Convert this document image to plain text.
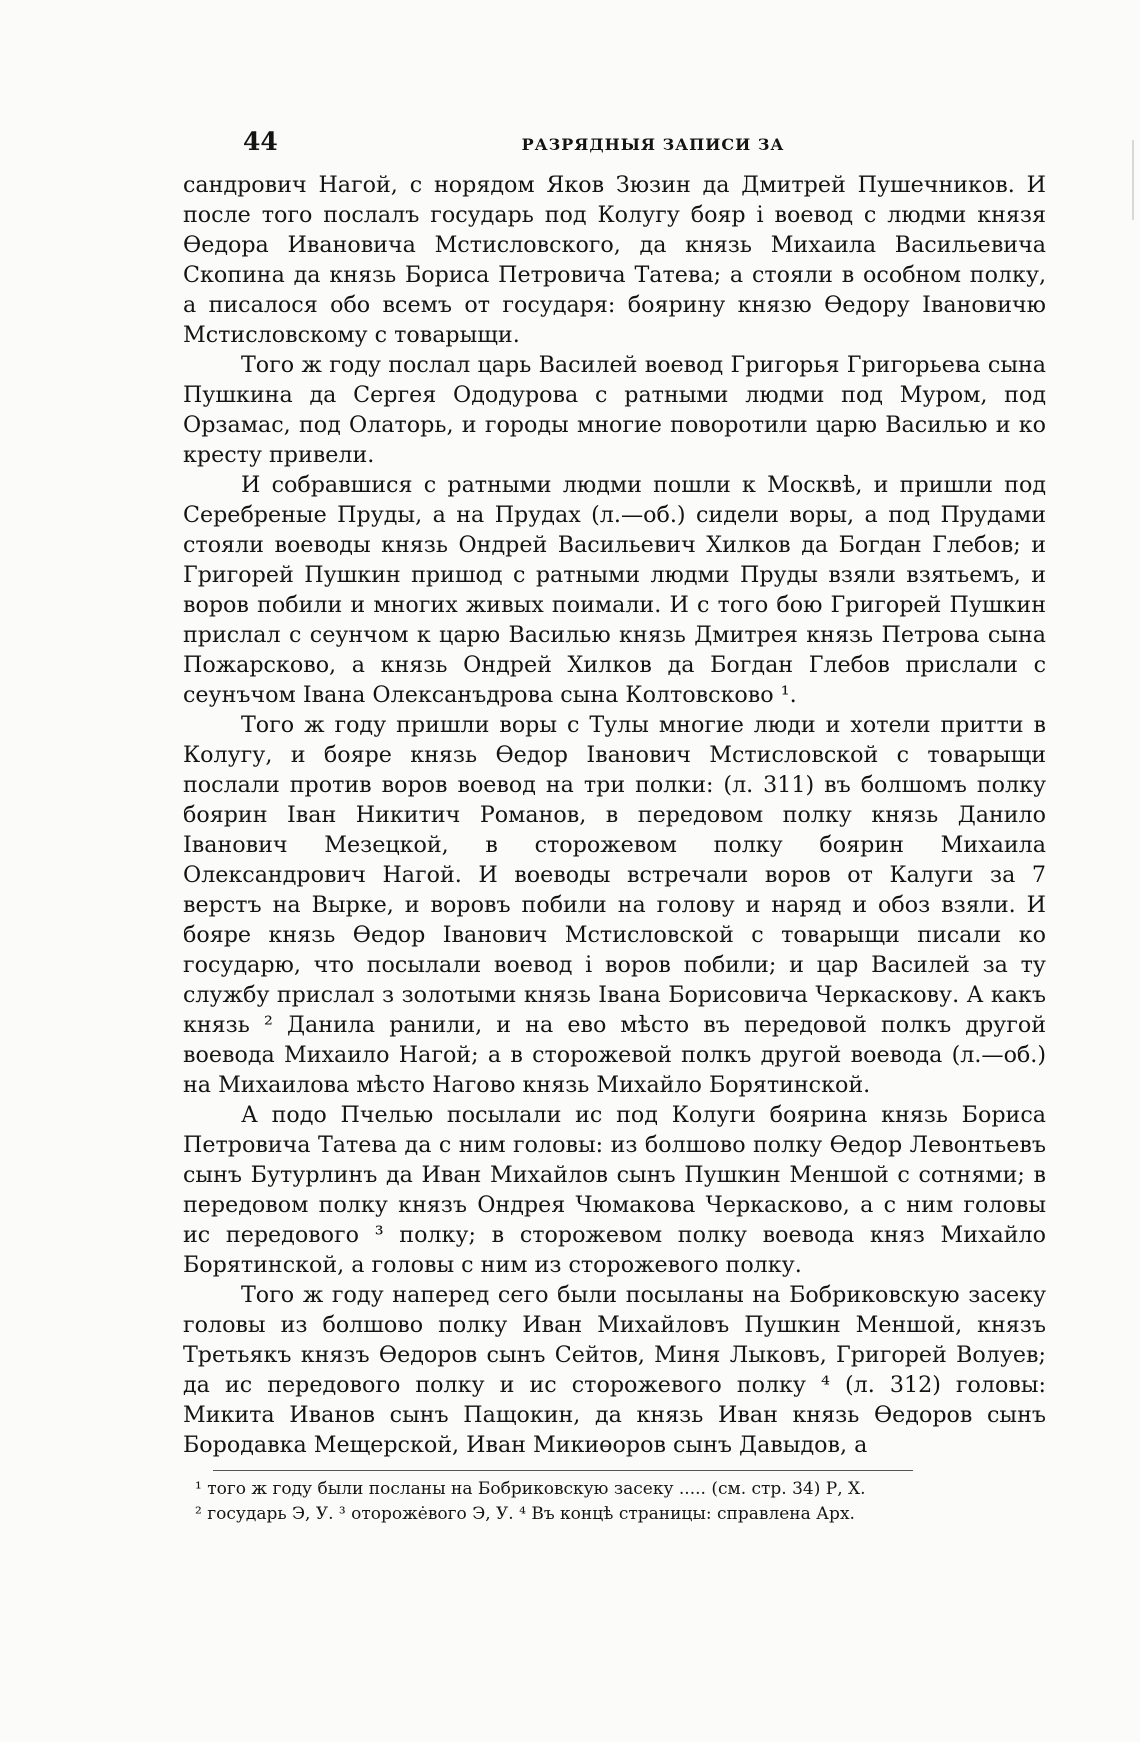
44	РАЗРЯДНЫЯ ЗАПИСИ ЗА

сандрович Нагой, с норядом Яков Зюзин да Дмитрей Пушечников. И после того послалъ государь под Колугу бояр і воевод с людми князя Өедора Ивановича Мстисловского, да князь Михаила Васильевича Скопина да князь Бориса Петровича Татева; а стояли в особном полку, а писалося обо всемъ от государя: боярину князю Өедору Івановичю Мстисловскому с товарыщи.

Того ж году послал царь Василей воевод Григорья Григорьева сына Пушкина да Сергея Ододурова с ратными людми под Муром, под Орзамас, под Олаторь, и городы многие поворотили царю Василью и ко кресту привели.

И собравшися с ратными людми пошли к Москвѣ, и пришли под Серебреные Пруды, а на Прудах (л.—об.) сидели воры, а под Прудами стояли воеводы князь Ондрей Васильевич Хилков да Богдан Глебов; и Григорей Пушкин пришод с ратными людми Пруды взяли взятьемъ, и воров побили и многих живых поимали. И с того бою Григорей Пушкин прислал с сеунчом к царю Василью князь Дмитрея князь Петрова сына Пожарсково, а князь Ондрей Хилков да Богдан Глебов прислали с сеунъчом Івана Олексанъдрова сына Колтовсково ¹.

Того ж году пришли воры с Тулы многие люди и хотели притти в Колугу, и бояре князь Өедор Іванович Мстисловской с товарыщи послали против воров воевод на три полки: (л. 311) въ болшомъ полку боярин Іван Никитич Романов, в передовом полку князь Данило Іванович Мезецкой, в сторожевом полку боярин Михаила Олександрович Нагой. И воеводы встречали воров от Калуги за 7 верстъ на Вырке, и воровъ побили на голову и наряд и обоз взяли. И бояре князь Өедор Іванович Мстисловской с товарыщи писали ко государю, что посылали воевод і воров побили; и цар Василей за ту службу прислал з золотыми князь Івана Борисовича Черкаскову. А какъ князь ² Данила ранили, и на ево мѣсто въ передовой полкъ другой воевода Михаило Нагой; а в сторожевой полкъ другой воевода (л.—об.) на Михаилова мѣсто Нагово князь Михайло Борятинской.

А подо Пчелью посылали ис под Колуги боярина князь Бориса Петровича Татева да с ним головы: из болшово полку Өедор Левонтьевъ сынъ Бутурлинъ да Иван Михайлов сынъ Пушкин Меншой с сотнями; в передовом полку князъ Ондрея Чюмакова Черкасково, а с ним головы ис передового ³ полку; в сторожевом полку воевода княз Михайло Борятинской, а головы с ним из сторожевого полку.

Того ж году наперед сего были посыланы на Бобриковскую засеку головы из болшово полку Иван Михайловъ Пушкин Меншой, князъ Третьякъ князъ Өедоров сынъ Сейтов, Миня Лыковъ, Григорей Волуев; да ис передового полку и ис сторожевого полку ⁴ (л. 312) головы: Микита Иванов сынъ Пащокин, да князь Иван князь Өедоров сынъ Бородавка Мещерской, Иван Микиөоров сынъ Давыдов, а

¹ того ж году были посланы на Бобриковскую засеку ..... (см. стр. 34) Р, Х.

² государь Э, У. ³ отороже̇вого Э, У. ⁴ Въ концѣ страницы: справлена Арх.
